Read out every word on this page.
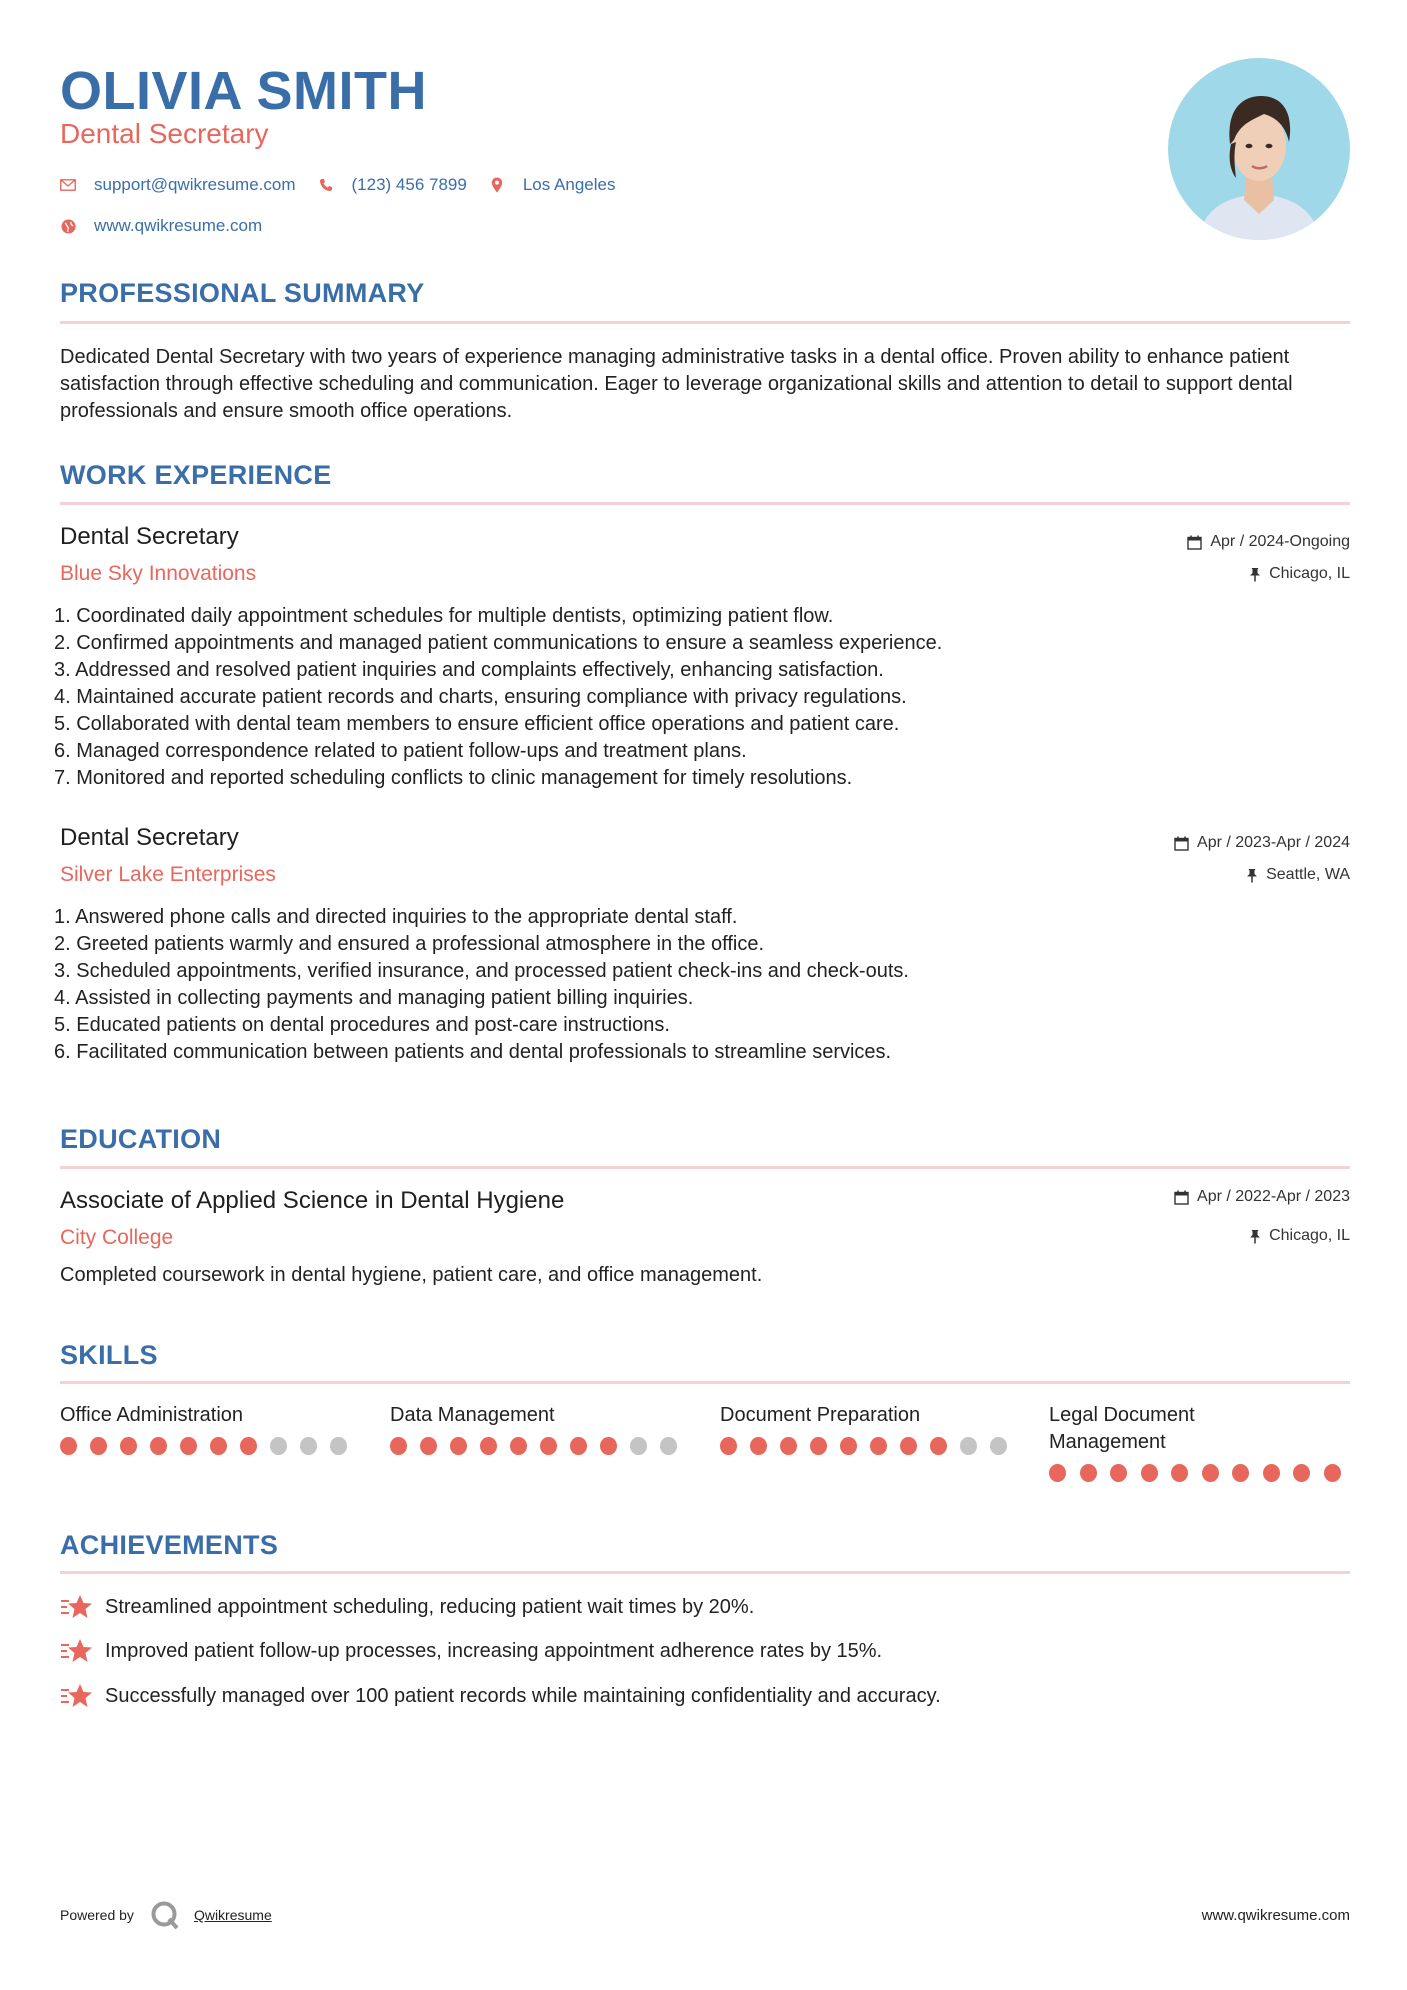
OLIVIA SMITH
Dental Secretary
support@qwikresume.com	(123) 456 7899	Los Angeles
www.qwikresume.com
PROFESSIONAL SUMMARY
Dedicated Dental Secretary with two years of experience managing administrative tasks in a dental office. Proven ability to enhance patient satisfaction through effective scheduling and communication. Eager to leverage organizational skills and attention to detail to support dental professionals and ensure smooth office operations.
WORK EXPERIENCE
Dental Secretary
Blue Sky Innovations
Apr / 2024-Ongoing
Chicago, IL
1. Coordinated daily appointment schedules for multiple dentists, optimizing patient flow.
2. Confirmed appointments and managed patient communications to ensure a seamless experience.
3. Addressed and resolved patient inquiries and complaints effectively, enhancing satisfaction.
4. Maintained accurate patient records and charts, ensuring compliance with privacy regulations.
5. Collaborated with dental team members to ensure efficient office operations and patient care.
6. Managed correspondence related to patient follow-ups and treatment plans.
7. Monitored and reported scheduling conflicts to clinic management for timely resolutions.
Dental Secretary
Silver Lake Enterprises
Apr / 2023-Apr / 2024
Seattle, WA
1. Answered phone calls and directed inquiries to the appropriate dental staff.
2. Greeted patients warmly and ensured a professional atmosphere in the office.
3. Scheduled appointments, verified insurance, and processed patient check-ins and check-outs.
4. Assisted in collecting payments and managing patient billing inquiries.
5. Educated patients on dental procedures and post-care instructions.
6. Facilitated communication between patients and dental professionals to streamline services.
EDUCATION
Associate of Applied Science in Dental Hygiene
City College
Apr / 2022-Apr / 2023
Chicago, IL
Completed coursework in dental hygiene, patient care, and office management.
SKILLS
Office Administration	Data Management	Document Preparation	Legal Document Management
ACHIEVEMENTS
Streamlined appointment scheduling, reducing patient wait times by 20%.
Improved patient follow-up processes, increasing appointment adherence rates by 15%.
Successfully managed over 100 patient records while maintaining confidentiality and accuracy.
Powered by	Qwikresume	www.qwikresume.com
